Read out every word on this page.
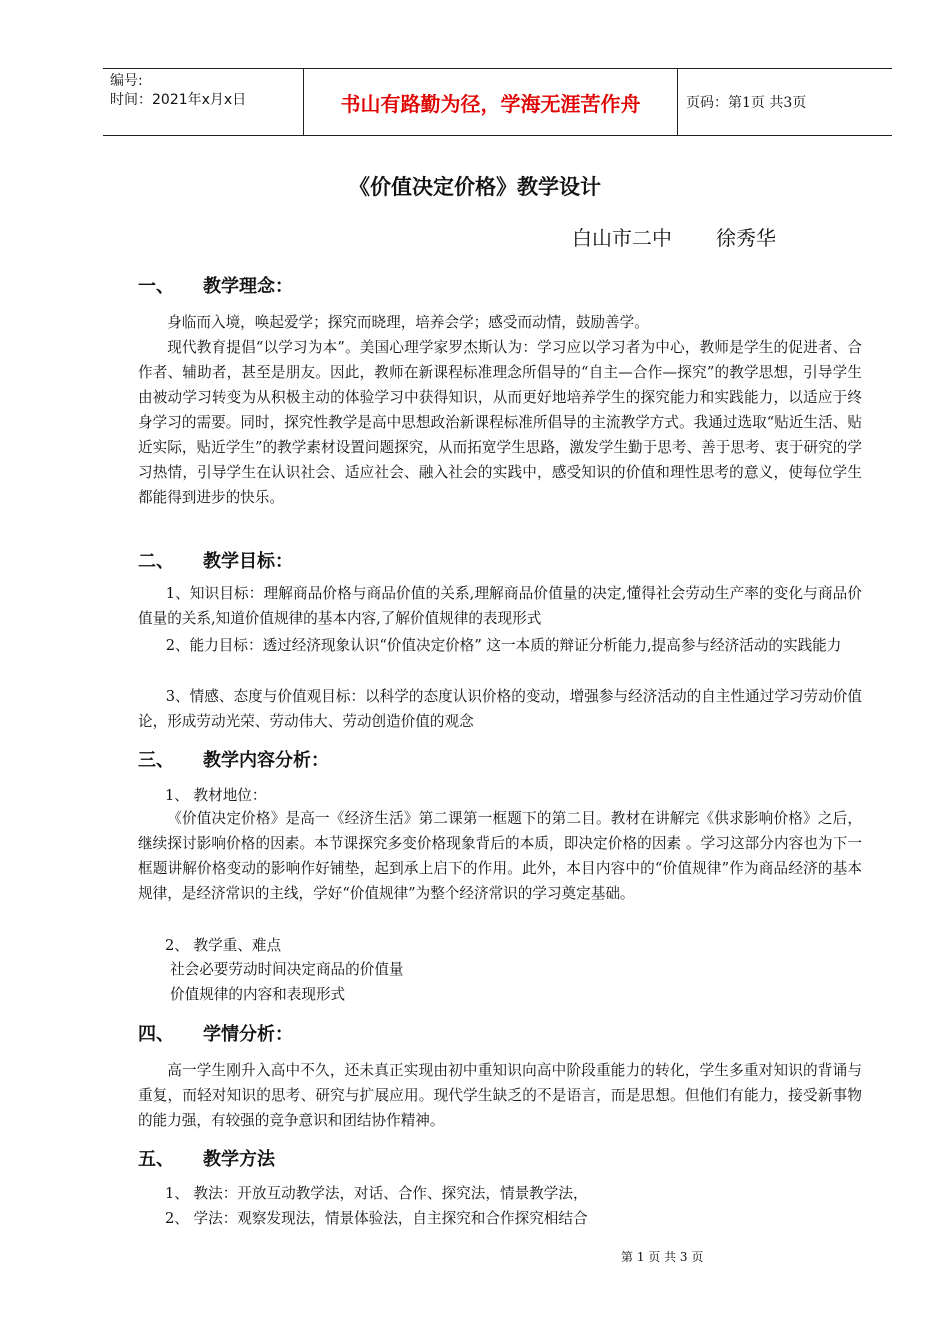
编号:
时间：2021年x月x日	书山有路勤为径，学海无涯苦作舟	页码：第1页 共3页
《价值决定价格》教学设计
白山市二中 徐秀华
一、 教学理念：
身临而入境，唤起爱学；探究而晓理，培养会学；感受而动情，鼓励善学。
现代教育提倡“以学习为本”。美国心理学家罗杰斯认为：学习应以学习者为中心，教师是学生的促进者、合作者、辅助者，甚至是朋友。因此，教师在新课程标准理念所倡导的“自主—合作—探究”的教学思想，引导学生由被动学习转变为从积极主动的体验学习中获得知识，从而更好地培养学生的探究能力和实践能力，以适应于终身学习的需要。同时，探究性教学是高中思想政治新课程标准所倡导的主流教学方式。我通过选取“贴近生活、贴近实际，贴近学生”的教学素材设置问题探究，从而拓宽学生思路，激发学生勤于思考、善于思考、衷于研究的学习热情，引导学生在认识社会、适应社会、融入社会的实践中，感受知识的价值和理性思考的意义，使每位学生都能得到进步的快乐。
二、 教学目标：
1、知识目标：理解商品价格与商品价值的关系,理解商品价值量的决定,懂得社会劳动生产率的变化与商品价值量的关系,知道价值规律的基本内容,了解价值规律的表现形式
2、能力目标：透过经济现象认识“价值决定价格” 这一本质的辩证分析能力,提高参与经济活动的实践能力
3、情感、态度与价值观目标：以科学的态度认识价格的变动，增强参与经济活动的自主性通过学习劳动价值论，形成劳动光荣、劳动伟大、劳动创造价值的观念
三、 教学内容分析：
1、 教材地位：
《价值决定价格》是高一《经济生活》第二课第一框题下的第二目。教材在讲解完《供求影响价格》之后，继续探讨影响价格的因素。本节课探究多变价格现象背后的本质，即决定价格的因素 。学习这部分内容也为下一框题讲解价格变动的影响作好铺垫，起到承上启下的作用。此外，本目内容中的“价值规律”作为商品经济的基本规律，是经济常识的主线，学好“价值规律”为整个经济常识的学习奠定基础。
2、 教学重、难点
社会必要劳动时间决定商品的价值量
价值规律的内容和表现形式
四、 学情分析：
高一学生刚升入高中不久，还未真正实现由初中重知识向高中阶段重能力的转化，学生多重对知识的背诵与重复，而轻对知识的思考、研究与扩展应用。现代学生缺乏的不是语言，而是思想。但他们有能力，接受新事物的能力强，有较强的竞争意识和团结协作精神。
五、 教学方法
1、 教法：开放互动教学法，对话、合作、探究法，情景教学法，
2、 学法：观察发现法，情景体验法，自主探究和合作探究相结合
第 1 页 共 3 页
